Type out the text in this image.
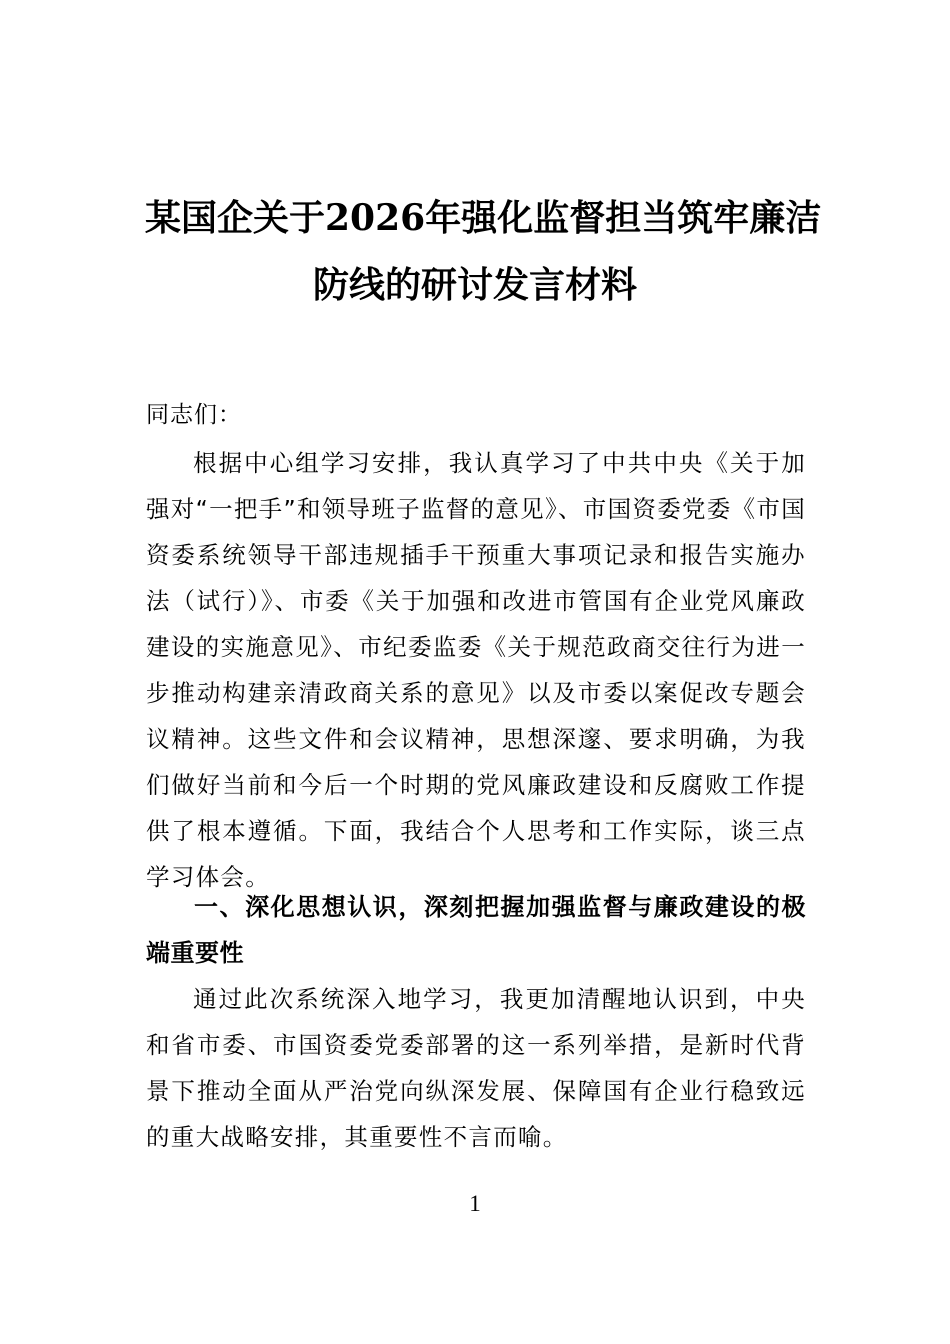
某国企关于2026年强化监督担当筑牢廉洁
防线的研讨发言材料
同志们：

根据中心组学习安排，我认真学习了中共中央《关于加强对“一把手”和领导班子监督的意见》、市国资委党委《市国资委系统领导干部违规插手干预重大事项记录和报告实施办法（试行）》、市委《关于加强和改进市管国有企业党风廉政建设的实施意见》、市纪委监委《关于规范政商交往行为进一步推动构建亲清政商关系的意见》以及市委以案促改专题会议精神。这些文件和会议精神，思想深邃、要求明确，为我们做好当前和今后一个时期的党风廉政建设和反腐败工作提供了根本遵循。下面，我结合个人思考和工作实际，谈三点学习体会。

一、深化思想认识，深刻把握加强监督与廉政建设的极端重要性

通过此次系统深入地学习，我更加清醒地认识到，中央和省市委、市国资委党委部署的这一系列举措，是新时代背景下推动全面从严治党向纵深发展、保障国有企业行稳致远的重大战略安排，其重要性不言而喻。

1
